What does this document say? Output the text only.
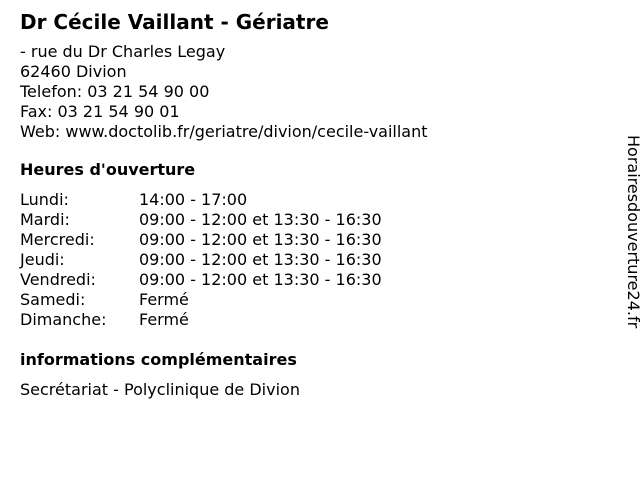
Dr Cécile Vaillant - Gériatre
- rue du Dr Charles Legay
62460 Divion
Telefon: 03 21 54 90 00
Fax: 03 21 54 90 01
Web: www.doctolib.fr/geriatre/divion/cecile-vaillant
Heures d'ouverture
Lundi:	14:00 - 17:00
Mardi:	09:00 - 12:00 et 13:30 - 16:30
Mercredi:	09:00 - 12:00 et 13:30 - 16:30
Jeudi:	09:00 - 12:00 et 13:30 - 16:30
Vendredi:	09:00 - 12:00 et 13:30 - 16:30
Samedi:	Fermé
Dimanche:	Fermé
informations complémentaires
Secrétariat - Polyclinique de Divion
Horairesdouverture24.fr
